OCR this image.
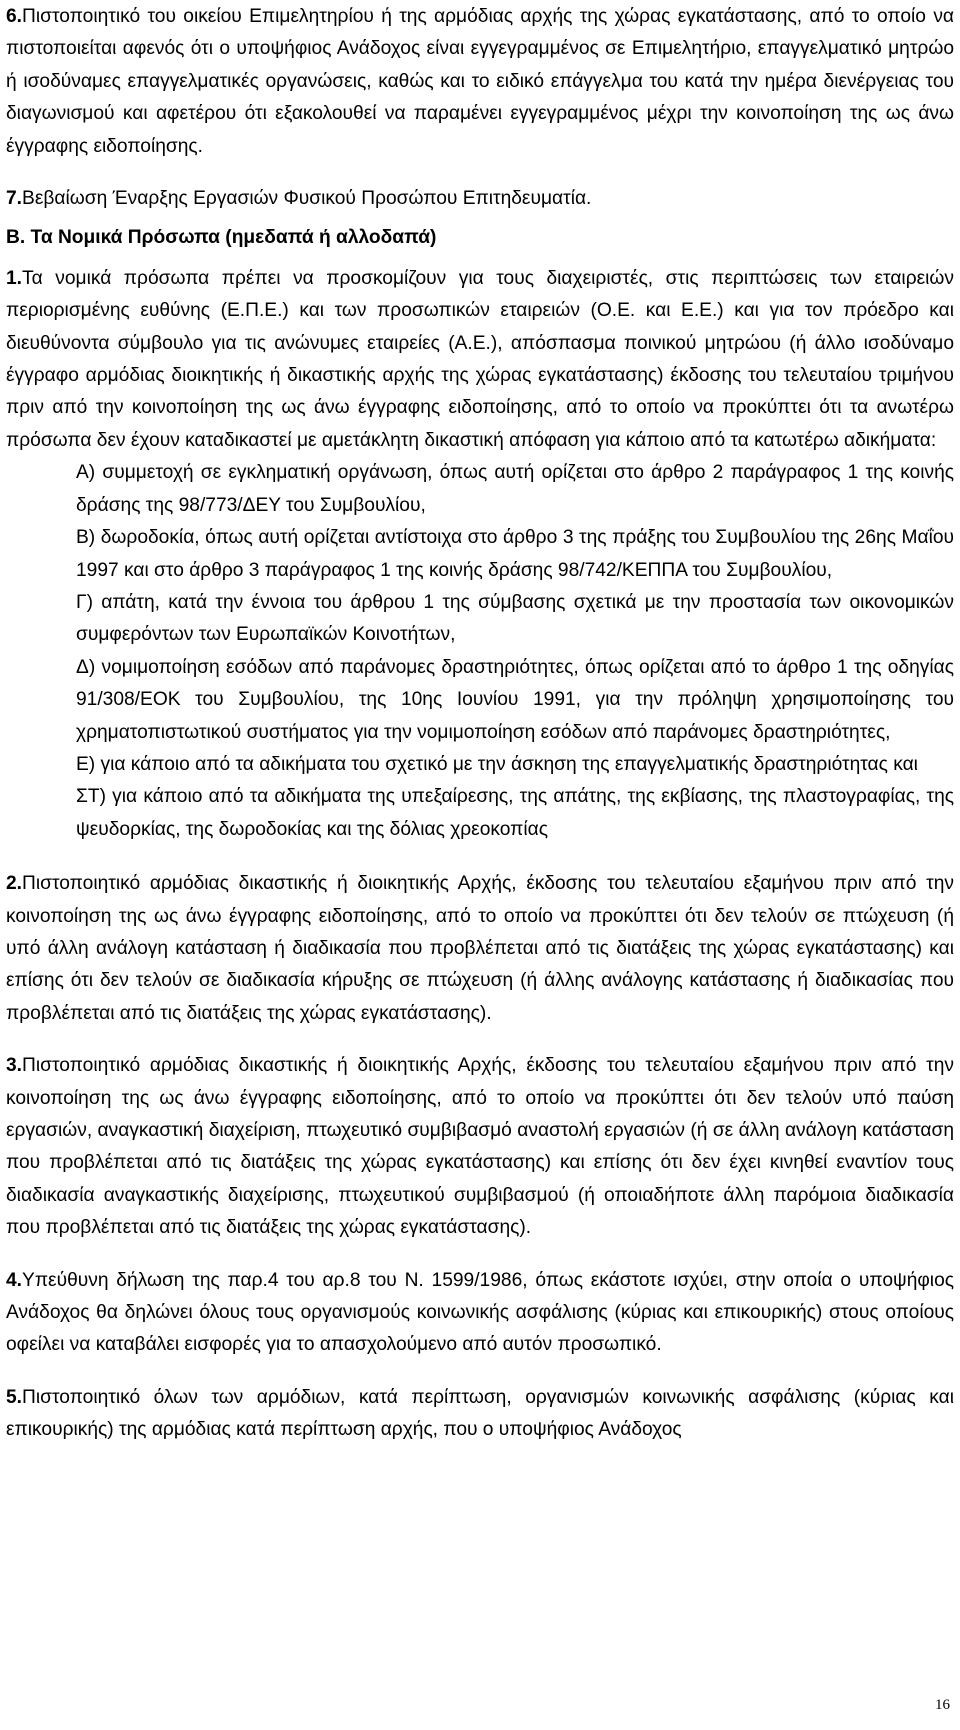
6.Πιστοποιητικό του οικείου Επιμελητηρίου ή της αρμόδιας αρχής της χώρας εγκατάστασης, από το οποίο να πιστοποιείται αφενός ότι ο υποψήφιος Ανάδοχος είναι εγγεγραμμένος σε Επιμελητήριο, επαγγελματικό μητρώο ή ισοδύναμες επαγγελματικές οργανώσεις, καθώς και το ειδικό επάγγελμα του κατά την ημέρα διενέργειας του διαγωνισμού και αφετέρου ότι εξακολουθεί να παραμένει εγγεγραμμένος μέχρι την κοινοποίηση της ως άνω έγγραφης ειδοποίησης.

7.Βεβαίωση Έναρξης Εργασιών Φυσικού Προσώπου Επιτηδευματία.

Β. Τα Νομικά Πρόσωπα (ημεδαπά ή αλλοδαπά)

1.Τα νομικά πρόσωπα πρέπει να προσκομίζουν για τους διαχειριστές, στις περιπτώσεις των εταιρειών περιορισμένης ευθύνης (Ε.Π.Ε.) και των προσωπικών εταιρειών (Ο.Ε. και Ε.Ε.) και για τον πρόεδρο και διευθύνοντα σύμβουλο για τις ανώνυμες εταιρείες (Α.Ε.), απόσπασμα ποινικού μητρώου (ή άλλο ισοδύναμο έγγραφο αρμόδιας διοικητικής ή δικαστικής αρχής της χώρας εγκατάστασης) έκδοσης του τελευταίου τριμήνου πριν από την κοινοποίηση της ως άνω έγγραφης ειδοποίησης, από το οποίο να προκύπτει ότι τα ανωτέρω πρόσωπα δεν έχουν καταδικαστεί με αμετάκλητη δικαστική απόφαση για κάποιο από τα κατωτέρω αδικήματα:

Α) συμμετοχή σε εγκληματική οργάνωση, όπως αυτή ορίζεται στο άρθρο 2 παράγραφος 1 της κοινής δράσης της 98/773/ΔΕΥ του Συμβουλίου,

Β) δωροδοκία, όπως αυτή ορίζεται αντίστοιχα στο άρθρο 3 της πράξης του Συμβουλίου της 26ης Μαΐου 1997 και στο άρθρο 3 παράγραφος 1 της κοινής δράσης 98/742/ΚΕΠΠΑ του Συμβουλίου,

Γ) απάτη, κατά την έννοια του άρθρου 1 της σύμβασης σχετικά με την προστασία των οικονομικών συμφερόντων των Ευρωπαϊκών Κοινοτήτων,

Δ) νομιμοποίηση εσόδων από παράνομες δραστηριότητες, όπως ορίζεται από το άρθρο 1 της οδηγίας 91/308/ΕΟΚ του Συμβουλίου, της 10ης Ιουνίου 1991, για την πρόληψη χρησιμοποίησης του χρηματοπιστωτικού συστήματος για την νομιμοποίηση εσόδων από παράνομες δραστηριότητες,

Ε) για κάποιο από τα αδικήματα του σχετικό με την άσκηση της επαγγελματικής δραστηριότητας και

ΣΤ) για κάποιο από τα αδικήματα της υπεξαίρεσης, της απάτης, της εκβίασης, της πλαστογραφίας, της ψευδορκίας, της δωροδοκίας και της δόλιας χρεοκοπίας

2.Πιστοποιητικό αρμόδιας δικαστικής ή διοικητικής Αρχής, έκδοσης του τελευταίου εξαμήνου πριν από την κοινοποίηση της ως άνω έγγραφης ειδοποίησης, από το οποίο να προκύπτει ότι δεν τελούν σε πτώχευση (ή υπό άλλη ανάλογη κατάσταση ή διαδικασία που προβλέπεται από τις διατάξεις της χώρας εγκατάστασης) και επίσης ότι δεν τελούν σε διαδικασία κήρυξης σε πτώχευση (ή άλλης ανάλογης κατάστασης ή διαδικασίας που προβλέπεται από τις διατάξεις της χώρας εγκατάστασης).

3.Πιστοποιητικό αρμόδιας δικαστικής ή διοικητικής Αρχής, έκδοσης του τελευταίου εξαμήνου πριν από την κοινοποίηση της ως άνω έγγραφης ειδοποίησης, από το οποίο να προκύπτει ότι δεν τελούν υπό παύση εργασιών, αναγκαστική διαχείριση, πτωχευτικό συμβιβασμό αναστολή εργασιών (ή σε άλλη ανάλογη κατάσταση που προβλέπεται από τις διατάξεις της χώρας εγκατάστασης) και επίσης ότι δεν έχει κινηθεί εναντίον τους διαδικασία αναγκαστικής διαχείρισης, πτωχευτικού συμβιβασμού (ή οποιαδήποτε άλλη παρόμοια διαδικασία που προβλέπεται από τις διατάξεις της χώρας εγκατάστασης).

4.Υπεύθυνη δήλωση της παρ.4 του αρ.8 του Ν. 1599/1986, όπως εκάστοτε ισχύει, στην οποία ο υποψήφιος Ανάδοχος θα δηλώνει όλους τους οργανισμούς κοινωνικής ασφάλισης (κύριας και επικουρικής) στους οποίους οφείλει να καταβάλει εισφορές για το απασχολούμενο από αυτόν προσωπικό.

5.Πιστοποιητικό όλων των αρμόδιων, κατά περίπτωση, οργανισμών κοινωνικής ασφάλισης (κύριας και επικουρικής) της αρμόδιας κατά περίπτωση αρχής, που ο υποψήφιος Ανάδοχος

16
